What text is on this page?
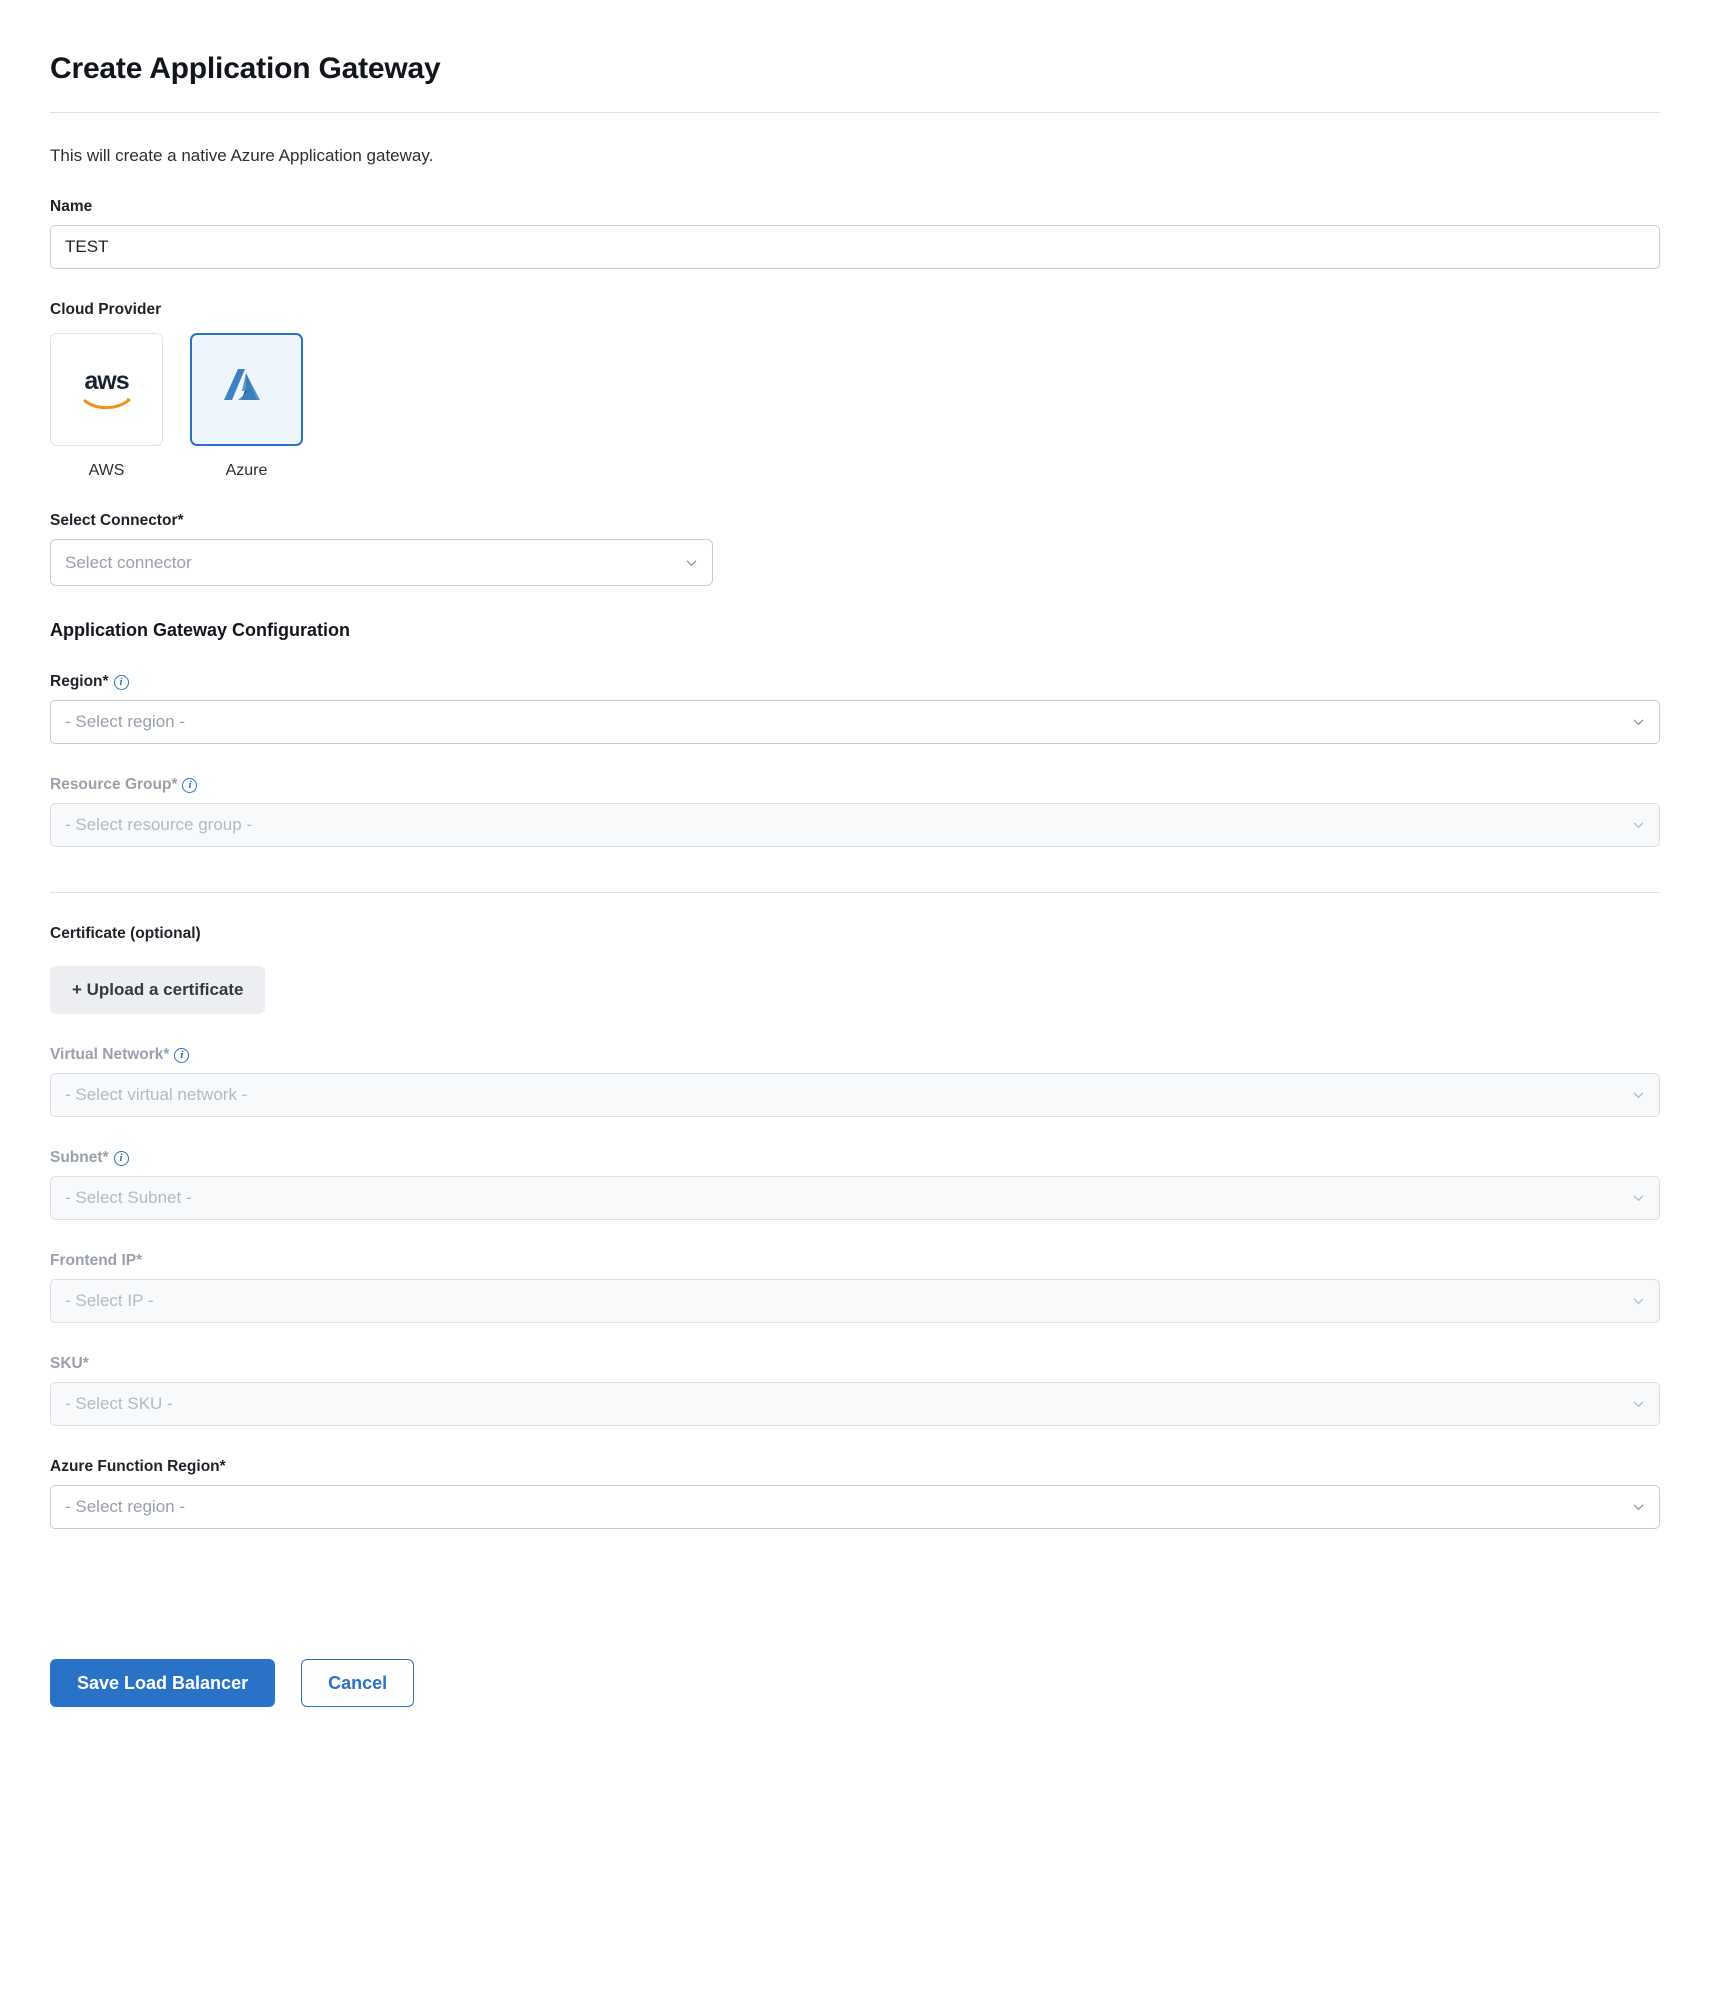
Create Application Gateway

This will create a native Azure Application gateway.

Name
TEST
Cloud Provider
aws
AWS	Azure
Select Connector*
Select connector
Application Gateway Configuration
Region* i
- Select region -
Resource Group* i
- Select resource group -
Certificate (optional)
+ Upload a certificate
Virtual Network* i
- Select virtual network -
Subnet* i
- Select Subnet -
Frontend IP*
- Select IP -
SKU*
- Select SKU -
Azure Function Region*
- Select region -
Save Load Balancer	Cancel
